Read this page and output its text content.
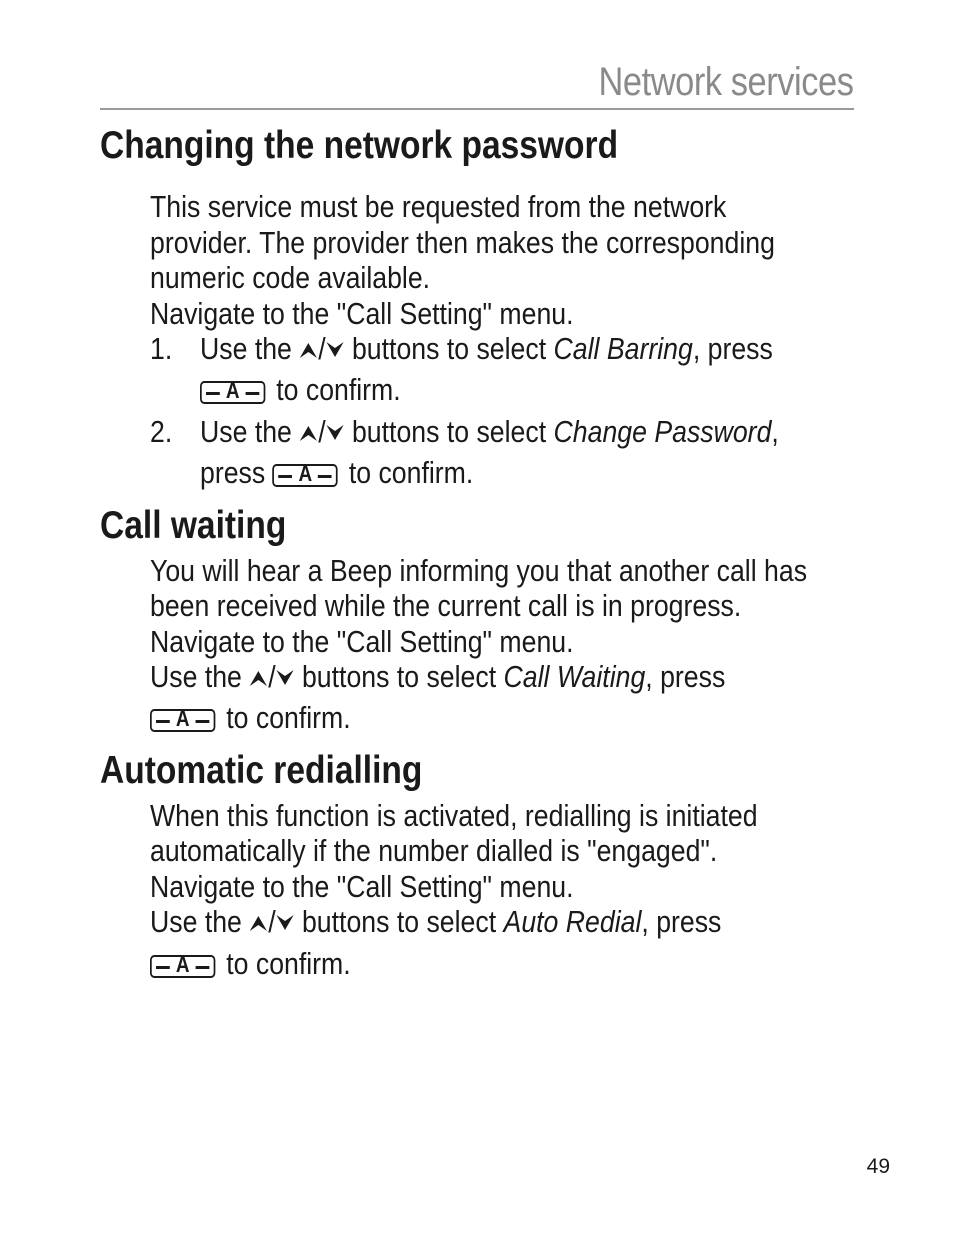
Network services
Changing the network password
This service must be requested from the network
provider. The provider then makes the corresponding
numeric code available.
Navigate to the "Call Setting" menu.
1. Use the / buttons to select Call Barring, press
A	to confirm.
2. Use the / buttons to select Change Password,
press	A	to confirm.
Call waiting
You will hear a Beep informing you that another call has
been received while the current call is in progress.
Navigate to the "Call Setting" menu.
Use the / buttons to select Call Waiting, press
A	to confirm.
Automatic redialling
When this function is activated, redialling is initiated
automatically if the number dialled is "engaged".
Navigate to the "Call Setting" menu.
Use the / buttons to select Auto Redial, press
A	to confirm.
49
